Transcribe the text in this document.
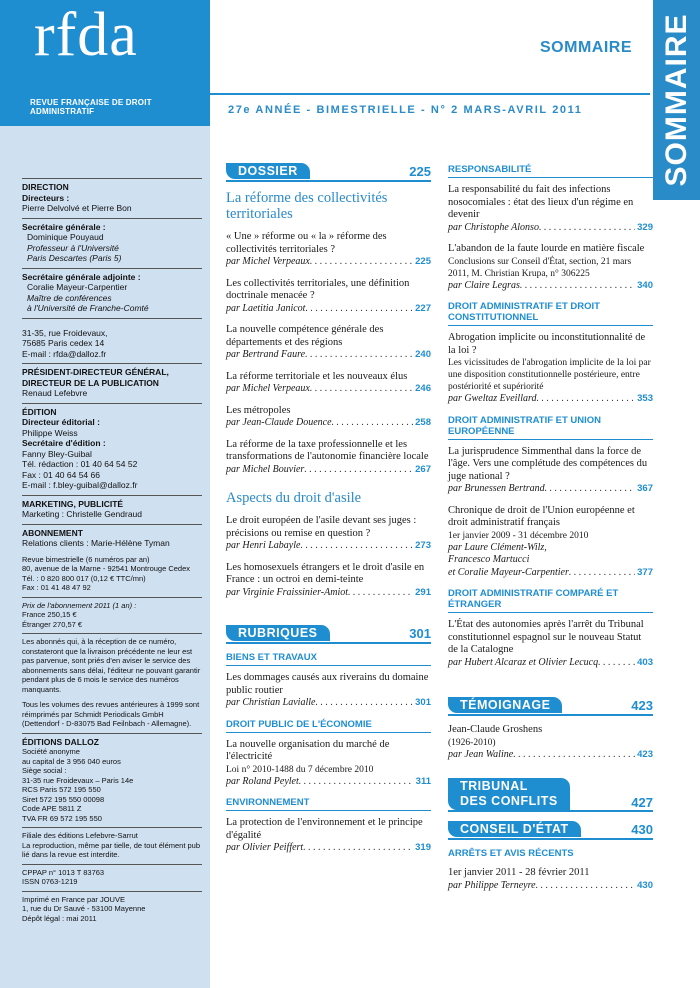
rfda
REVUE FRANÇAISE DE DROIT ADMINISTRATIF
SOMMAIRE
27e ANNÉE - BIMESTRIELLE - N° 2 MARS-AVRIL 2011	SOMMAIRE
DIRECTION
Directeurs :
Pierre Delvolvé et Pierre Bon
Secrétaire générale :
Dominique Pouyaud
Professeur à l'Université
Paris Descartes (Paris 5)
Secrétaire générale adjointe :
Coralie Mayeur-Carpentier
Maître de conférences
à l'Université de Franche-Comté
31-35, rue Froidevaux,
75685 Paris cedex 14
E-mail : rfda@dalloz.fr
PRÉSIDENT-DIRECTEUR GÉNÉRAL, DIRECTEUR DE LA PUBLICATION
Renaud Lefebvre
ÉDITION
Directeur éditorial :
Philippe Weiss
Secrétaire d'édition :
Fanny Bley-Guibal
Tél. rédaction : 01 40 64 54 52
Fax : 01 40 64 54 66
E-mail : f.bley-guibal@dalloz.fr
MARKETING, PUBLICITÉ
Marketing : Christelle Gendraud
ABONNEMENT
Relations clients : Marie-Hélène Tyman
Revue bimestrielle (6 numéros par an)
80, avenue de la Marne - 92541 Montrouge Cedex
Tél. : 0 820 800 017 (0,12 € TTC/mn)
Fax : 01 41 48 47 92
Prix de l'abonnement 2011 (1 an) :
France 250,15 €
Étranger 270,57 €
Les abonnés qui, à la réception de ce numéro, constateront que la livraison précédente ne leur est pas parvenue, sont priés d'en aviser le service des abonnements sans délai, l'éditeur ne pouvant garantir pendant plus de 6 mois le service des numéros manquants.
Tous les volumes des revues antérieures à 1999 sont réimprimés par Schmidt Periodicals GmbH (Dettendorf - D-83075 Bad Feilnbach - Allemagne).
ÉDITIONS DALLOZ
Société anonyme
au capital de 3 956 040 euros
Siège social :
31-35 rue Froidevaux – Paris 14e
RCS Paris 572 195 550
Siret 572 195 550 00098
Code APE 5811 Z
TVA FR 69 572 195 550
Filiale des éditions Lefebvre-Sarrut
La reproduction, même par tielle, de tout élément pub lié dans la revue est interdite.
CPPAP n° 1013 T 83763
ISSN 0763-1219
Imprimé en France par JOUVE
1, rue du Dr Sauvé - 53100 Mayenne
Dépôt légal : mai 2011
DOSSIER	225
La réforme des collectivités territoriales
« Une » réforme ou « la » réforme des collectivités territoriales ?
par Michel Verpeaux . . .	225
Les collectivités territoriales, une définition doctrinale menacée ?
par Laetitia Janicot . . .	227
La nouvelle compétence générale des départements et des régions
par Bertrand Faure . . .	240
La réforme territoriale et les nouveaux élus
par Michel Verpeaux . . .	246
Les métropoles
par Jean-Claude Douence . . .	258
La réforme de la taxe professionnelle et les transformations de l'autonomie financière locale
par Michel Bouvier . . .	267
Aspects du droit d'asile
Le droit européen de l'asile devant ses juges : précisions ou remise en question ?
par Henri Labayle . . .	273
Les homosexuels étrangers et le droit d'asile en France : un octroi en demi-teinte
par Virginie Fraissinier-Amiot . . .	291
RUBRIQUES	301
BIENS ET TRAVAUX
Les dommages causés aux riverains du domaine public routier
par Christian Lavialle . . .	301
DROIT PUBLIC DE L'ÉCONOMIE
La nouvelle organisation du marché de l'électricité
Loi n° 2010-1488 du 7 décembre 2010
par Roland Peylet . . .	311
ENVIRONNEMENT
La protection de l'environnement et le principe d'égalité
par Olivier Peiffert . . .	319
RESPONSABILITÉ
La responsabilité du fait des infections nosocomiales : état des lieux d'un régime en devenir
par Christophe Alonso . . .	329
L'abandon de la faute lourde en matière fiscale
Conclusions sur Conseil d'État, section, 21 mars 2011, M. Christian Krupa, n° 306225
par Claire Legras . . .	340
DROIT ADMINISTRATIF ET DROIT CONSTITUTIONNEL
Abrogation implicite ou inconstitutionnalité de la loi ?
Les vicissitudes de l'abrogation implicite de la loi par une disposition constitutionnelle postérieure, entre postériorité et supériorité
par Gweltaz Eveillard . . .	353
DROIT ADMINISTRATIF ET UNION EUROPÉENNE
La jurisprudence Simmenthal dans la force de l'âge. Vers une complétude des compétences du juge national ?
par Brunessen Bertrand . . .	367
Chronique de droit de l'Union européenne et droit administratif français
1er janvier 2009 - 31 décembre 2010
par Laure Clément-Wilz,
Francesco Martucci
et Coralie Mayeur-Carpentier . . .	377
DROIT ADMINISTRATIF COMPARÉ ET ÉTRANGER
L'État des autonomies après l'arrêt du Tribunal constitutionnel espagnol sur le nouveau Statut de la Catalogne
par Hubert Alcaraz et Olivier Lecucq . . .	403
TÉMOIGNAGE	423
Jean-Claude Groshens
(1926-2010)
par Jean Waline . . .	423
TRIBUNAL
DES CONFLITS	427
CONSEIL D'ÉTAT	430
ARRÊTS ET AVIS RÉCENTS
1er janvier 2011 - 28 février 2011
par Philippe Terneyre . . .	430
